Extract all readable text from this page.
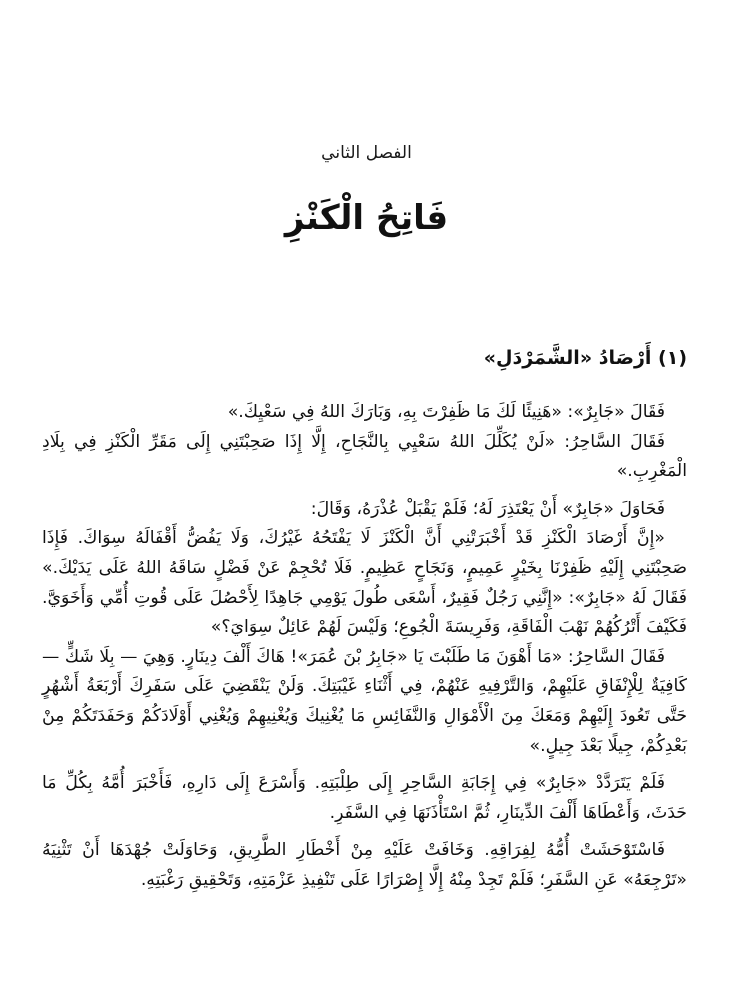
الفصل الثاني
فَاتِحُ الْكَنْزِ
(١) أَرْصَادُ «الشَّمَرْدَلِ»

فَقَالَ «جَابِرٌ»: «هَنِيئًا لَكَ مَا ظَفِرْتَ بِهِ، وَبَارَكَ اللهُ فِي سَعْيِكَ.»

فَقَالَ السَّاحِرُ: «لَنْ يُكَلِّلَ اللهُ سَعْيِي بِالنَّجَاحِ، إِلَّا إِذَا صَحِبْتَنِي إِلَى مَقَرِّ الْكَنْزِ فِي بِلَادِ الْمَغْرِبِ.»

فَحَاوَلَ «جَابِرٌ» أَنْ يَعْتَذِرَ لَهُ؛ فَلَمْ يَقْبَلْ عُذْرَهُ، وَقَالَ:

«إِنَّ أَرْصَادَ الْكَنْزِ قَدْ أَخْبَرَتْنِي أَنَّ الْكَنْزَ لَا يَفْتَحُهُ غَيْرُكَ، وَلَا يَفُضُّ أَقْفَالَهُ سِوَاكَ. فَإِذَا صَحِبْتَنِي إِلَيْهِ ظَفِرْنَا بِخَيْرٍ عَمِيمٍ، وَنَجَاحٍ عَظِيمٍ. فَلَا تُحْجِمْ عَنْ فَضْلٍ سَاقَهُ اللهُ عَلَى يَدَيْكَ.» فَقَالَ لَهُ «جَابِرٌ»: «إِنَّنِي رَجُلٌ فَقِيرٌ، أَسْعَى طُولَ يَوْمِي جَاهِدًا لِأَحْصُلَ عَلَى قُوتِ أُمِّي وَأَخَوَيَّ. فَكَيْفَ أَتْرُكُهُمْ نَهْبَ الْفَاقَةِ، وَفَرِيسَةَ الْجُوعِ؛ وَلَيْسَ لَهُمْ عَائِلٌ سِوَايَ؟»

فَقَالَ السَّاحِرُ: «مَا أَهْوَنَ مَا طَلَبْتَ يَا «جَابِرُ بْنَ عُمَرَ»! هَاكَ أَلْفَ دِينَارٍ. وَهِيَ — بِلَا شَكٍّ — كَافِيَةٌ لِلْإِنْفَاقِ عَلَيْهِمْ، وَالتَّرْفِيهِ عَنْهُمْ، فِي أَثْنَاءِ غَيْبَتِكَ. وَلَنْ يَنْقَضِيَ عَلَى سَفَرِكَ أَرْبَعَةُ أَشْهُرٍ حَتَّى تَعُودَ إِلَيْهِمْ وَمَعَكَ مِنَ الْأَمْوَالِ وَالنَّفَائِسِ مَا يُغْنِيكَ وَيُغْنِيهِمْ وَيُغْنِي أَوْلَادَكُمْ وَحَفَدَتَكُمْ مِنْ بَعْدِكُمْ، جِيلًا بَعْدَ جِيلٍ.»

فَلَمْ يَتَرَدَّدْ «جَابِرٌ» فِي إِجَابَةِ السَّاحِرِ إِلَى طِلْبَتِهِ. وَأَسْرَعَ إِلَى دَارِهِ، فَأَخْبَرَ أُمَّهُ بِكُلِّ مَا حَدَثَ، وَأَعْطَاهَا أَلْفَ الدِّينَارِ، ثُمَّ اسْتَأْذَنَهَا فِي السَّفَرِ.

فَاسْتَوْحَشَتْ أُمُّهُ لِفِرَاقِهِ. وَخَافَتْ عَلَيْهِ مِنْ أَخْطَارِ الطَّرِيقِ، وَحَاوَلَتْ جُهْدَهَا أَنْ تَثْنِيَهُ «تَرْجِعَهُ» عَنِ السَّفَرِ؛ فَلَمْ تَجِدْ مِنْهُ إِلَّا إِصْرَارًا عَلَى تَنْفِيذِ عَزْمَتِهِ، وَتَحْقِيقِ رَغْبَتِهِ.
